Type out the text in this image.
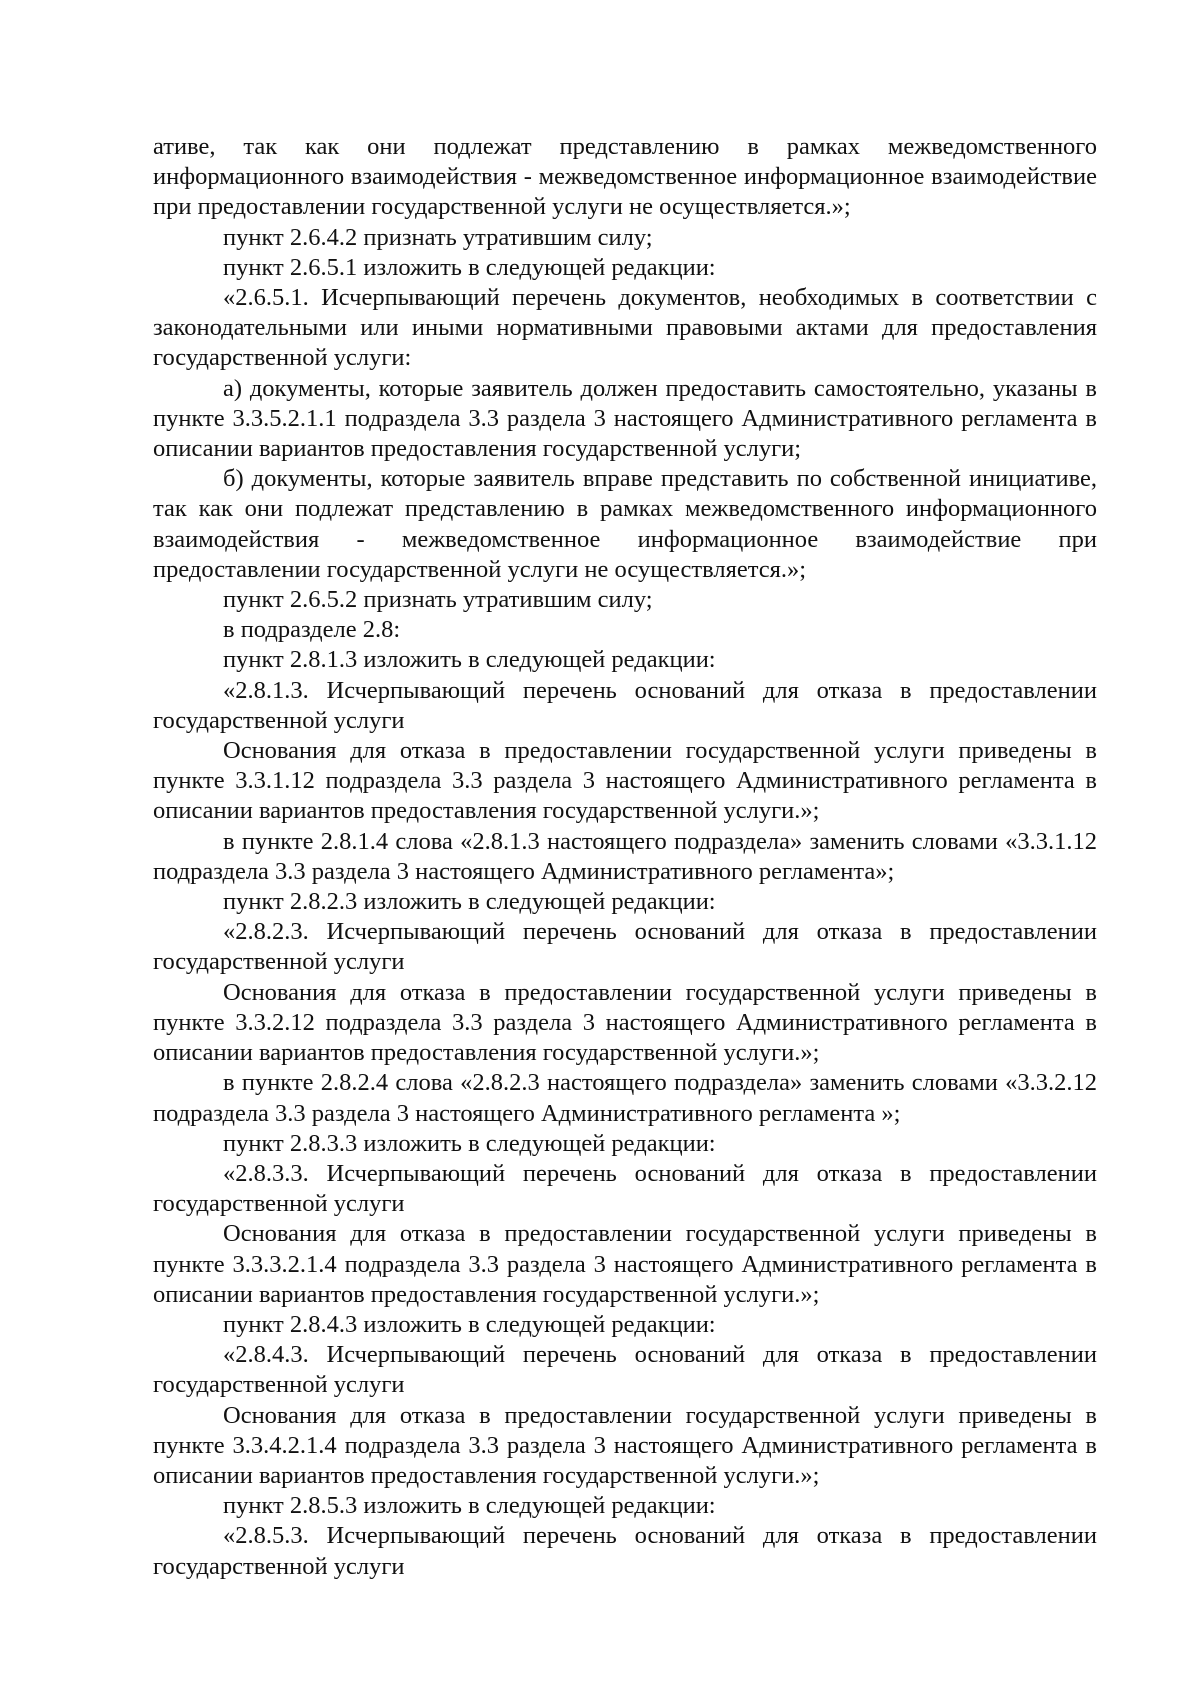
ативе, так как они подлежат представлению в рамках межведомственного информационного взаимодействия - межведомственное информационное взаимодействие при предоставлении государственной услуги не осуществляется.»;

пункт 2.6.4.2 признать утратившим силу;

пункт 2.6.5.1 изложить в следующей редакции:

«2.6.5.1. Исчерпывающий перечень документов, необходимых в соответствии с законодательными или иными нормативными правовыми актами для предоставления государственной услуги:

а) документы, которые заявитель должен предоставить самостоятельно, указаны в пункте 3.3.5.2.1.1 подраздела 3.3 раздела 3 настоящего Административного регламента в описании вариантов предоставления государственной услуги;

б) документы, которые заявитель вправе представить по собственной инициативе, так как они подлежат представлению в рамках межведомственного информационного взаимодействия - межведомственное информационное взаимодействие при предоставлении государственной услуги не осуществляется.»;

пункт 2.6.5.2 признать утратившим силу;

в подразделе 2.8:

пункт 2.8.1.3 изложить в следующей редакции:

«2.8.1.3. Исчерпывающий перечень оснований для отказа в предоставлении государственной услуги

Основания для отказа в предоставлении государственной услуги приведены в пункте 3.3.1.12 подраздела 3.3 раздела 3 настоящего Административного регламента в описании вариантов предоставления государственной услуги.»;

в пункте 2.8.1.4 слова «2.8.1.3 настоящего подраздела» заменить словами «3.3.1.12 подраздела 3.3 раздела 3 настоящего Административного регламента»;

пункт 2.8.2.3 изложить в следующей редакции:

«2.8.2.3. Исчерпывающий перечень оснований для отказа в предоставлении государственной услуги

Основания для отказа в предоставлении государственной услуги приведены в пункте 3.3.2.12 подраздела 3.3 раздела 3 настоящего Административного регламента в описании вариантов предоставления государственной услуги.»;

в пункте 2.8.2.4 слова «2.8.2.3 настоящего подраздела» заменить словами «3.3.2.12 подраздела 3.3 раздела 3 настоящего Административного регламента »;

пункт 2.8.3.3 изложить в следующей редакции:

«2.8.3.3. Исчерпывающий перечень оснований для отказа в предоставлении государственной услуги

Основания для отказа в предоставлении государственной услуги приведены в пункте 3.3.3.2.1.4 подраздела 3.3 раздела 3 настоящего Административного регламента в описании вариантов предоставления государственной услуги.»;

пункт 2.8.4.3 изложить в следующей редакции:

«2.8.4.3. Исчерпывающий перечень оснований для отказа в предоставлении государственной услуги

Основания для отказа в предоставлении государственной услуги приведены в пункте 3.3.4.2.1.4 подраздела 3.3 раздела 3 настоящего Административного регламента в описании вариантов предоставления государственной услуги.»;

пункт 2.8.5.3 изложить в следующей редакции:

«2.8.5.3. Исчерпывающий перечень оснований для отказа в предоставлении государственной услуги
